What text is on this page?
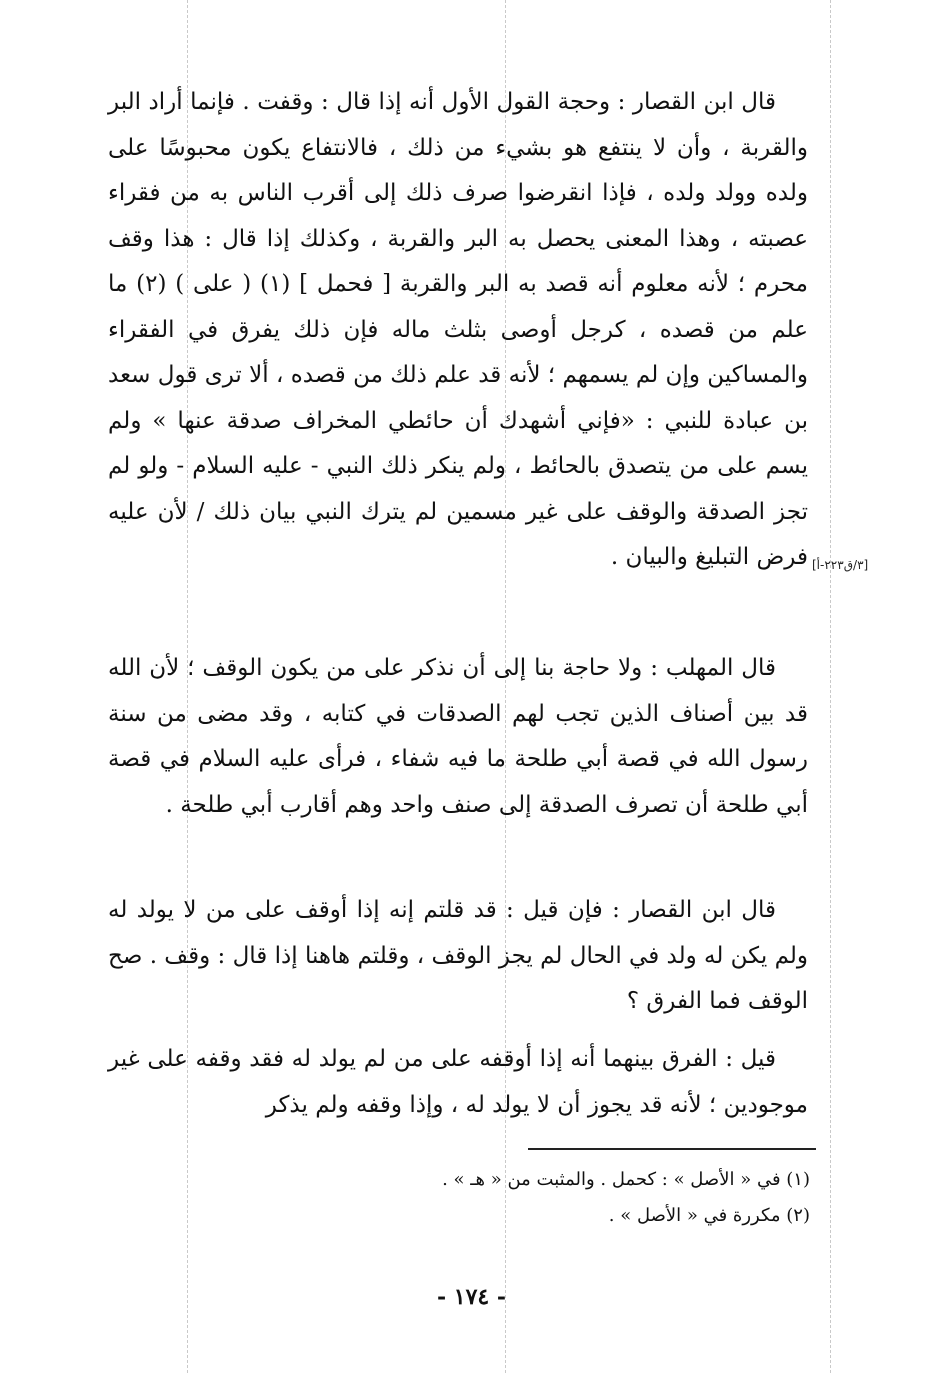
قال ابن القصار : وحجة القول الأول أنه إذا قال : وقفت . فإنما أراد البر والقربة ، وأن لا ينتفع هو بشيء من ذلك ، فالانتفاع يكون محبوسًا على ولده وولد ولده ، فإذا انقرضوا صرف ذلك إلى أقرب الناس به من فقراء عصبته ، وهذا المعنى يحصل به البر والقربة ، وكذلك إذا قال : هذا وقف محرم ؛ لأنه معلوم أنه قصد به البر والقربة [ فحمل ] (١) ( على ) (٢) ما علم من قصده ، كرجل أوصى بثلث ماله فإن ذلك يفرق في الفقراء والمساكين وإن لم يسمهم ؛ لأنه قد علم ذلك من قصده ، ألا ترى قول سعد بن عبادة للنبي : «فإني أشهدك أن حائطي المخراف صدقة عنها » ولم يسم على من يتصدق بالحائط ، ولم ينكر ذلك النبي - عليه السلام - ولو لم تجز الصدقة والوقف على غير مسمين لم يترك النبي بيان ذلك / لأن عليه فرض التبليغ والبيان .

قال المهلب : ولا حاجة بنا إلى أن نذكر على من يكون الوقف ؛ لأن الله قد بين أصناف الذين تجب لهم الصدقات في كتابه ، وقد مضى من سنة رسول الله في قصة أبي طلحة ما فيه شفاء ، فرأى عليه السلام في قصة أبي طلحة أن تصرف الصدقة إلى صنف واحد وهم أقارب أبي طلحة .

قال ابن القصار : فإن قيل : قد قلتم إنه إذا أوقف على من لا يولد له ولم يكن له ولد في الحال لم يجز الوقف ، وقلتم هاهنا إذا قال : وقف . صح الوقف فما الفرق ؟

قيل : الفرق بينهما أنه إذا أوقفه على من لم يولد له فقد وقفه على غير موجودين ؛ لأنه قد يجوز أن لا يولد له ، وإذا وقفه ولم يذكر

[٣/ق٢٢٣-أ]

(١) في « الأصل » : كحمل . والمثبت من « هـ » .

(٢) مكررة في « الأصل » .

- ١٧٤ -
